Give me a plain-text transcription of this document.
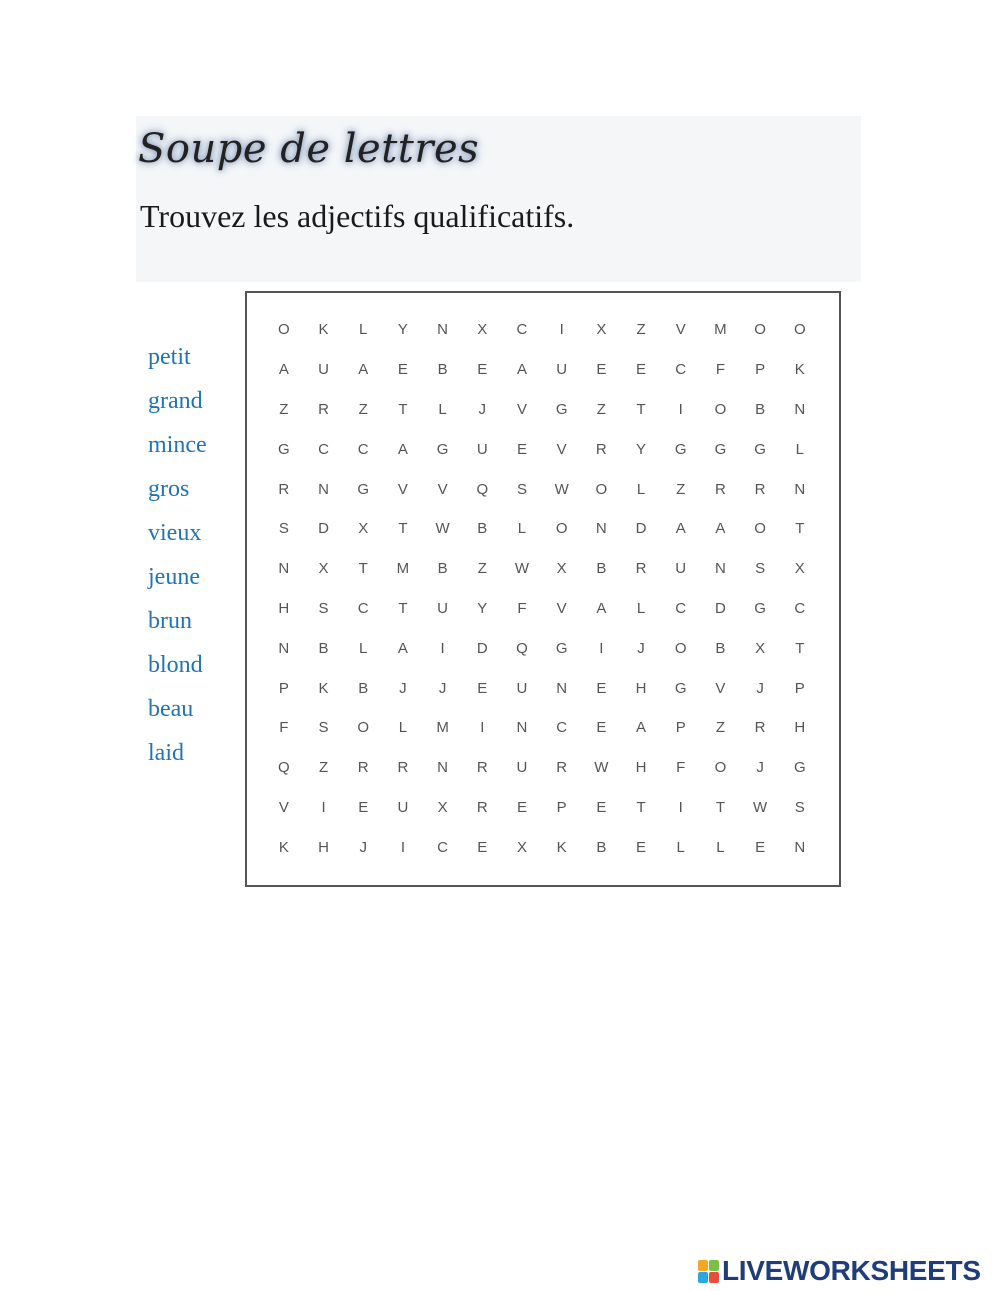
Soupe de lettres
Trouvez les adjectifs qualificatifs.
petit
grand
mince
gros
vieux
jeune
brun
blond
beau
laid
O	K	L	Y	N	X	C	I	X	Z	V	M	O	O
A	U	A	E	B	E	A	U	E	E	C	F	P	K
Z	R	Z	T	L	J	V	G	Z	T	I	O	B	N
G	C	C	A	G	U	E	V	R	Y	G	G	G	L
R	N	G	V	V	Q	S	W	O	L	Z	R	R	N
S	D	X	T	W	B	L	O	N	D	A	A	O	T
N	X	T	M	B	Z	W	X	B	R	U	N	S	X
H	S	C	T	U	Y	F	V	A	L	C	D	G	C
N	B	L	A	I	D	Q	G	I	J	O	B	X	T
P	K	B	J	J	E	U	N	E	H	G	V	J	P
F	S	O	L	M	I	N	C	E	A	P	Z	R	H
Q	Z	R	R	N	R	U	R	W	H	F	O	J	G
V	I	E	U	X	R	E	P	E	T	I	T	W	S
K	H	J	I	C	E	X	K	B	E	L	L	E	N
LIVEWORKSHEETS
